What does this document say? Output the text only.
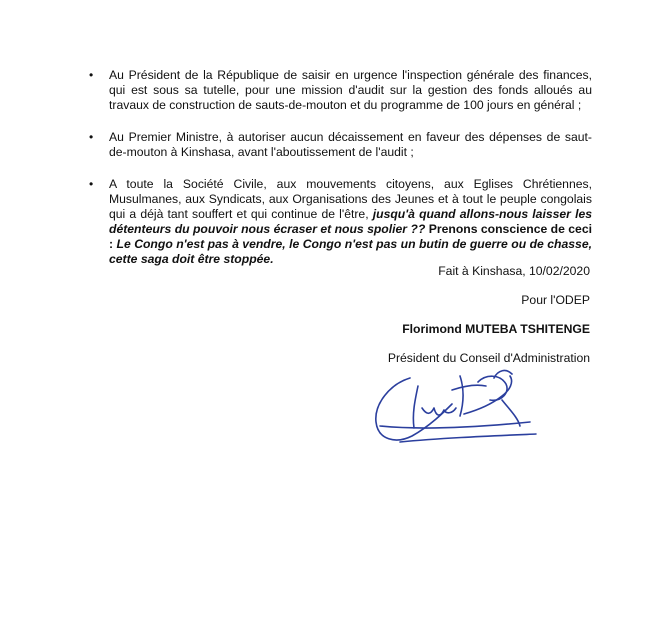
• Au Président de la République de saisir en urgence l'inspection générale des finances, qui est sous sa tutelle, pour une mission d'audit sur la gestion des fonds alloués au travaux de construction de sauts-de-mouton et du programme de 100 jours en général ;
• Au Premier Ministre, à autoriser aucun décaissement en faveur des dépenses de saut-de-mouton à Kinshasa, avant l'aboutissement de l'audit ;
• A toute la Société Civile, aux mouvements citoyens, aux Eglises Chrétiennes, Musulmanes, aux Syndicats, aux Organisations des Jeunes et à tout le peuple congolais qui a déjà tant souffert et qui continue de l'être, jusqu'à quand allons-nous laisser les détenteurs du pouvoir nous écraser et nous spolier ?? Prenons conscience de ceci : Le Congo n'est pas à vendre, le Congo n'est pas un butin de guerre ou de chasse, cette saga doit être stoppée.

Fait à Kinshasa, 10/02/2020

Pour l'ODEP

Florimond MUTEBA TSHITENGE

Président du Conseil d'Administration
